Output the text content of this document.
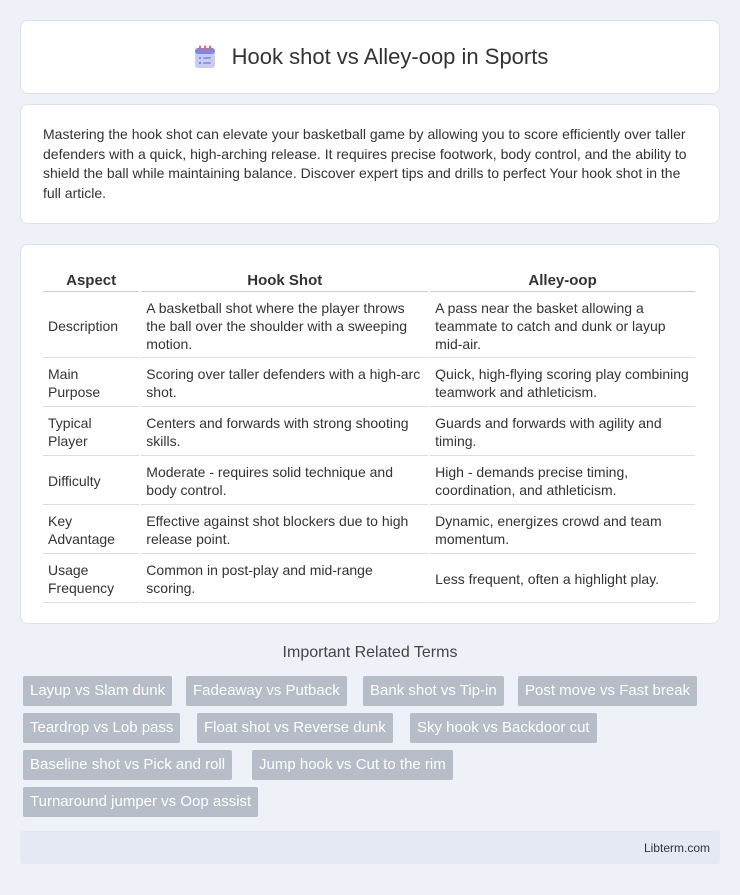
Hook shot vs Alley-oop in Sports

Mastering the hook shot can elevate your basketball game by allowing you to score efficiently over taller defenders with a quick, high-arching release. It requires precise footwork, body control, and the ability to shield the ball while maintaining balance. Discover expert tips and drills to perfect Your hook shot in the full article.

Aspect	Hook Shot	Alley-oop
Description	A basketball shot where the player throws the ball over the shoulder with a sweeping motion.	A pass near the basket allowing a teammate to catch and dunk or layup mid-air.
Main Purpose	Scoring over taller defenders with a high-arc shot.	Quick, high-flying scoring play combining teamwork and athleticism.
Typical Player	Centers and forwards with strong shooting skills.	Guards and forwards with agility and timing.
Difficulty	Moderate - requires solid technique and body control.	High - demands precise timing, coordination, and athleticism.
Key Advantage	Effective against shot blockers due to high release point.	Dynamic, energizes crowd and team momentum.
Usage Frequency	Common in post-play and mid-range scoring.	Less frequent, often a highlight play.
Important Related Terms
Layup vs Slam dunk	Fadeaway vs Putback	Bank shot vs Tip-in	Post move vs Fast break
Teardrop vs Lob pass	Float shot vs Reverse dunk	Sky hook vs Backdoor cut
Baseline shot vs Pick and roll	Jump hook vs Cut to the rim
Turnaround jumper vs Oop assist
Libterm.com
